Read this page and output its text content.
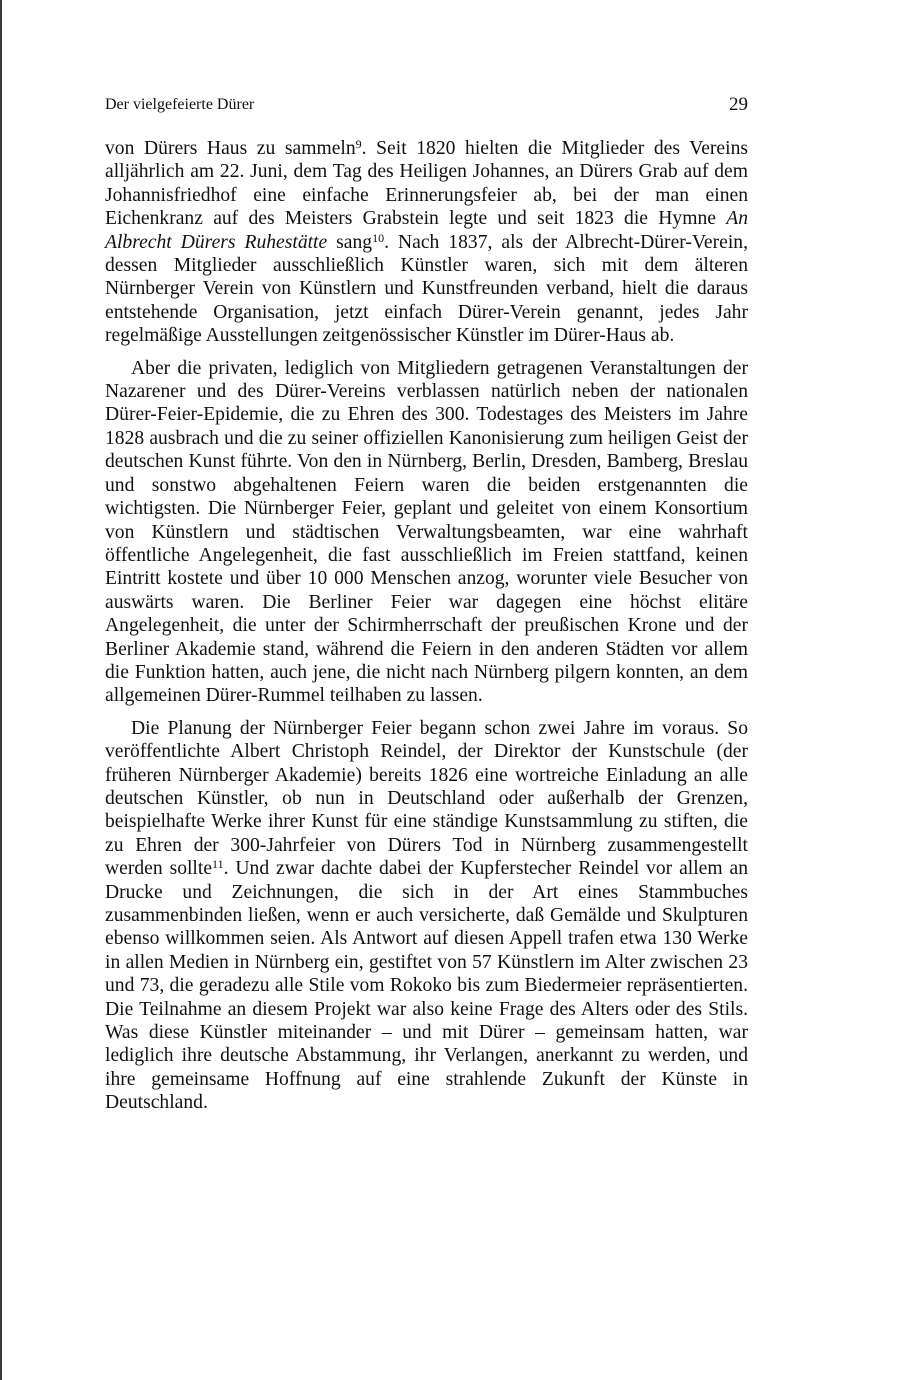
Der vielgefeierte Dürer	29

von Dürers Haus zu sammeln$^9$. Seit 1820 hielten die Mitglieder des Vereins alljährlich am 22. Juni, dem Tag des Heiligen Johannes, an Dürers Grab auf dem Johannisfriedhof eine einfache Erinnerungsfeier ab, bei der man einen Eichenkranz auf des Meisters Grabstein legte und seit 1823 die Hymne An Albrecht Dürers Ruhestätte sang$^{10}$. Nach 1837, als der Albrecht-Dürer-Verein, dessen Mitglieder ausschließlich Künstler waren, sich mit dem älteren Nürnberger Verein von Künstlern und Kunstfreunden verband, hielt die daraus entstehende Organisation, jetzt einfach Dürer-Verein genannt, jedes Jahr regelmäßige Ausstellungen zeitgenössischer Künstler im Dürer-Haus ab.

Aber die privaten, lediglich von Mitgliedern getragenen Veranstaltungen der Nazarener und des Dürer-Vereins verblassen natürlich neben der nationalen Dürer-Feier-Epidemie, die zu Ehren des 300. Todestages des Meisters im Jahre 1828 ausbrach und die zu seiner offiziellen Kanonisierung zum heiligen Geist der deutschen Kunst führte. Von den in Nürnberg, Berlin, Dresden, Bamberg, Breslau und sonstwo abgehaltenen Feiern waren die beiden erstgenannten die wichtigsten. Die Nürnberger Feier, geplant und geleitet von einem Konsortium von Künstlern und städtischen Verwaltungsbeamten, war eine wahrhaft öffentliche Angelegenheit, die fast ausschließlich im Freien stattfand, keinen Eintritt kostete und über 10 000 Menschen anzog, worunter viele Besucher von auswärts waren. Die Berliner Feier war dagegen eine höchst elitäre Angelegenheit, die unter der Schirmherrschaft der preußischen Krone und der Berliner Akademie stand, während die Feiern in den anderen Städten vor allem die Funktion hatten, auch jene, die nicht nach Nürnberg pilgern konnten, an dem allgemeinen Dürer-Rummel teilhaben zu lassen.

Die Planung der Nürnberger Feier begann schon zwei Jahre im voraus. So veröffentlichte Albert Christoph Reindel, der Direktor der Kunstschule (der früheren Nürnberger Akademie) bereits 1826 eine wortreiche Einladung an alle deutschen Künstler, ob nun in Deutschland oder außerhalb der Grenzen, beispielhafte Werke ihrer Kunst für eine ständige Kunstsammlung zu stiften, die zu Ehren der 300-Jahrfeier von Dürers Tod in Nürnberg zusammengestellt werden sollte$^{11}$. Und zwar dachte dabei der Kupferstecher Reindel vor allem an Drucke und Zeichnungen, die sich in der Art eines Stammbuches zusammenbinden ließen, wenn er auch versicherte, daß Gemälde und Skulpturen ebenso willkommen seien. Als Antwort auf diesen Appell trafen etwa 130 Werke in allen Medien in Nürnberg ein, gestiftet von 57 Künstlern im Alter zwischen 23 und 73, die geradezu alle Stile vom Rokoko bis zum Biedermeier repräsentierten. Die Teilnahme an diesem Projekt war also keine Frage des Alters oder des Stils. Was diese Künstler miteinander – und mit Dürer – gemeinsam hatten, war lediglich ihre deutsche Abstammung, ihr Verlangen, anerkannt zu werden, und ihre gemeinsame Hoffnung auf eine strahlende Zukunft der Künste in Deutschland.
